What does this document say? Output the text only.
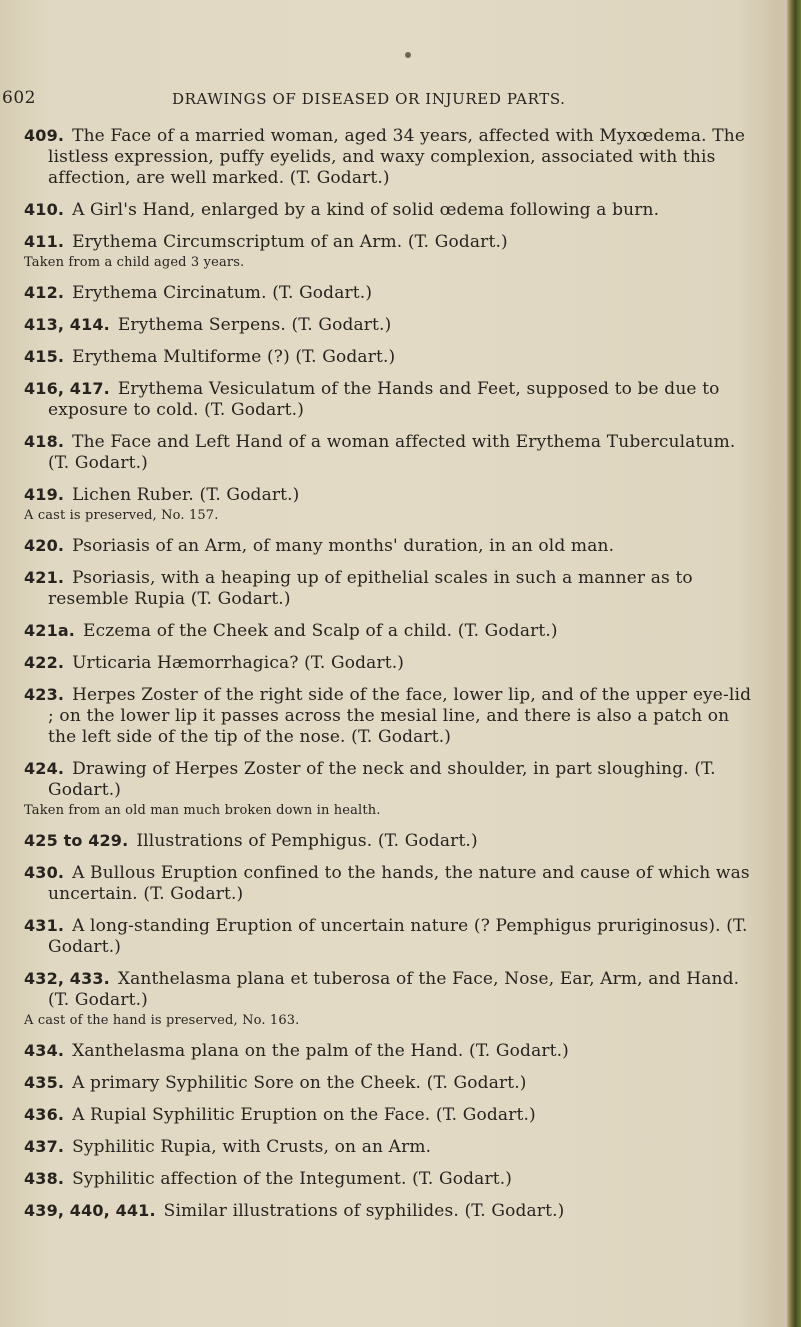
602	DRAWINGS OF DISEASED OR INJURED PARTS.
409. The Face of a married woman, aged 34 years, affected with Myxœdema. The listless expression, puffy eyelids, and waxy complexion, associated with this affection, are well marked. (T. Godart.)
410. A Girl's Hand, enlarged by a kind of solid œdema following a burn.
411. Erythema Circumscriptum of an Arm. (T. Godart.)
Taken from a child aged 3 years.
412. Erythema Circinatum. (T. Godart.)
413, 414. Erythema Serpens. (T. Godart.)
415. Erythema Multiforme (?) (T. Godart.)
416, 417. Erythema Vesiculatum of the Hands and Feet, supposed to be due to exposure to cold. (T. Godart.)
418. The Face and Left Hand of a woman affected with Erythema Tuberculatum. (T. Godart.)
419. Lichen Ruber. (T. Godart.)
A cast is preserved, No. 157.
420. Psoriasis of an Arm, of many months' duration, in an old man.
421. Psoriasis, with a heaping up of epithelial scales in such a manner as to resemble Rupia (T. Godart.)
421a. Eczema of the Cheek and Scalp of a child. (T. Godart.)
422. Urticaria Hæmorrhagica? (T. Godart.)
423. Herpes Zoster of the right side of the face, lower lip, and of the upper eye-lid ; on the lower lip it passes across the mesial line, and there is also a patch on the left side of the tip of the nose. (T. Godart.)
424. Drawing of Herpes Zoster of the neck and shoulder, in part sloughing. (T. Godart.)
Taken from an old man much broken down in health.
425 to 429. Illustrations of Pemphigus. (T. Godart.)
430. A Bullous Eruption confined to the hands, the nature and cause of which was uncertain. (T. Godart.)
431. A long-standing Eruption of uncertain nature (? Pemphigus pruriginosus). (T. Godart.)
432, 433. Xanthelasma plana et tuberosa of the Face, Nose, Ear, Arm, and Hand. (T. Godart.)
A cast of the hand is preserved, No. 163.
434. Xanthelasma plana on the palm of the Hand. (T. Godart.)
435. A primary Syphilitic Sore on the Cheek. (T. Godart.)
436. A Rupial Syphilitic Eruption on the Face. (T. Godart.)
437. Syphilitic Rupia, with Crusts, on an Arm.
438. Syphilitic affection of the Integument. (T. Godart.)
439, 440, 441. Similar illustrations of syphilides. (T. Godart.)
